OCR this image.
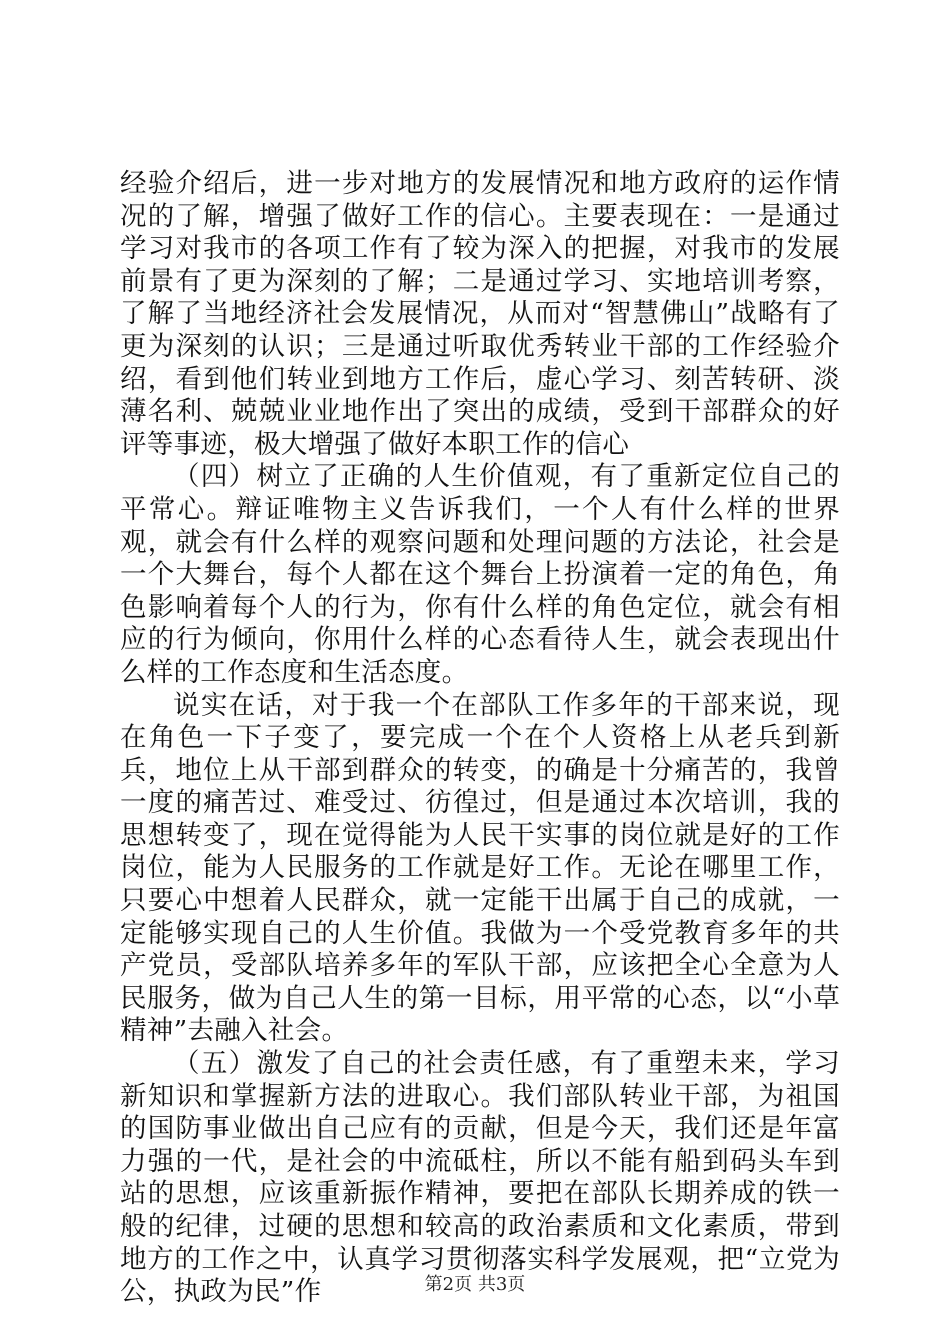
经验介绍后，进一步对地方的发展情况和地方政府的运作情况的了解，增强了做好工作的信心。主要表现在：一是通过学习对我市的各项工作有了较为深入的把握，对我市的发展前景有了更为深刻的了解；二是通过学习、实地培训考察，了解了当地经济社会发展情况，从而对“智慧佛山”战略有了更为深刻的认识；三是通过听取优秀转业干部的工作经验介绍，看到他们转业到地方工作后，虚心学习、刻苦转研、淡薄名利、兢兢业业地作出了突出的成绩，受到干部群众的好评等事迹，极大增强了做好本职工作的信心

（四）树立了正确的人生价值观，有了重新定位自己的平常心。辩证唯物主义告诉我们，一个人有什么样的世界观，就会有什么样的观察问题和处理问题的方法论，社会是一个大舞台，每个人都在这个舞台上扮演着一定的角色，角色影响着每个人的行为，你有什么样的角色定位，就会有相应的行为倾向，你用什么样的心态看待人生，就会表现出什么样的工作态度和生活态度。

说实在话，对于我一个在部队工作多年的干部来说，现在角色一下子变了，要完成一个在个人资格上从老兵到新兵，地位上从干部到群众的转变，的确是十分痛苦的，我曾一度的痛苦过、难受过、彷徨过，但是通过本次培训，我的思想转变了，现在觉得能为人民干实事的岗位就是好的工作岗位，能为人民服务的工作就是好工作。无论在哪里工作，只要心中想着人民群众，就一定能干出属于自己的成就，一定能够实现自己的人生价值。我做为一个受党教育多年的共产党员，受部队培养多年的军队干部，应该把全心全意为人民服务，做为自己人生的第一目标，用平常的心态，以“小草精神”去融入社会。

（五）激发了自己的社会责任感，有了重塑未来，学习新知识和掌握新方法的进取心。我们部队转业干部，为祖国的国防事业做出自己应有的贡献，但是今天，我们还是年富力强的一代，是社会的中流砥柱，所以不能有船到码头车到站的思想，应该重新振作精神，要把在部队长期养成的铁一般的纪律，过硬的思想和较高的政治素质和文化素质，带到地方的工作之中，认真学习贯彻落实科学发展观，把“立党为公，执政为民”作	第2页 共3页
